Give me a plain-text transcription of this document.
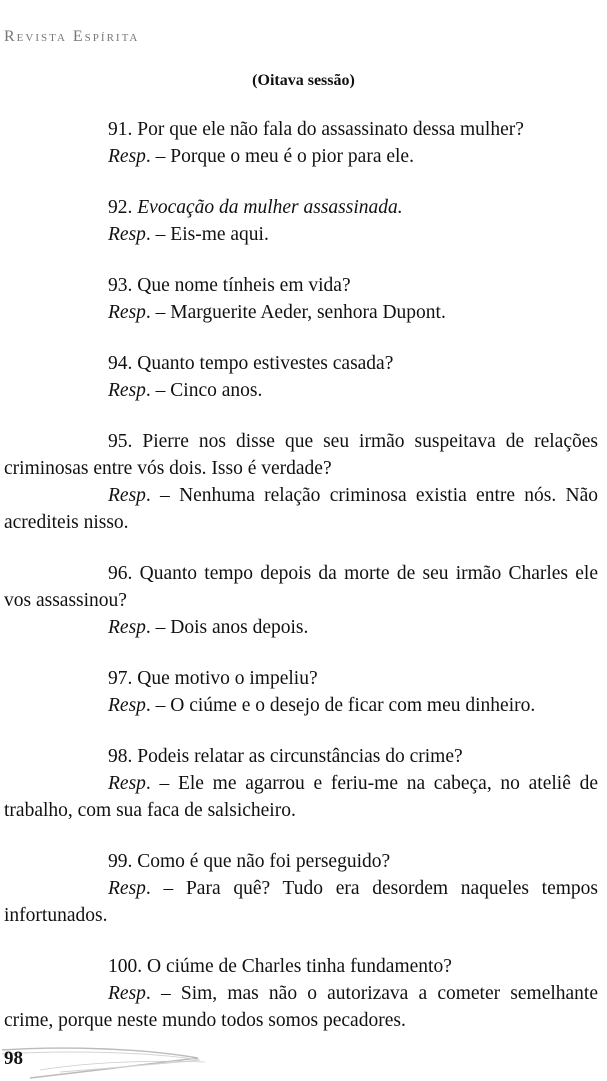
Revista Espírita
(Oitava sessão)

91. Por que ele não fala do assassinato dessa mulher?

Resp. – Porque o meu é o pior para ele.

92. Evocação da mulher assassinada.

Resp. – Eis-me aqui.

93. Que nome tínheis em vida?

Resp. – Marguerite Aeder, senhora Dupont.

94. Quanto tempo estivestes casada?

Resp. – Cinco anos.

95. Pierre nos disse que seu irmão suspeitava de relações criminosas entre vós dois. Isso é verdade?

Resp. – Nenhuma relação criminosa existia entre nós. Não acrediteis nisso.

96. Quanto tempo depois da morte de seu irmão Charles ele vos assassinou?

Resp. – Dois anos depois.

97. Que motivo o impeliu?

Resp. – O ciúme e o desejo de ficar com meu dinheiro.

98. Podeis relatar as circunstâncias do crime?

Resp. – Ele me agarrou e feriu-me na cabeça, no ateliê de trabalho, com sua faca de salsicheiro.

99. Como é que não foi perseguido?

Resp. – Para quê? Tudo era desordem naqueles tempos infortunados.

100. O ciúme de Charles tinha fundamento?

Resp. – Sim, mas não o autorizava a cometer semelhante crime, porque neste mundo todos somos pecadores.

98
